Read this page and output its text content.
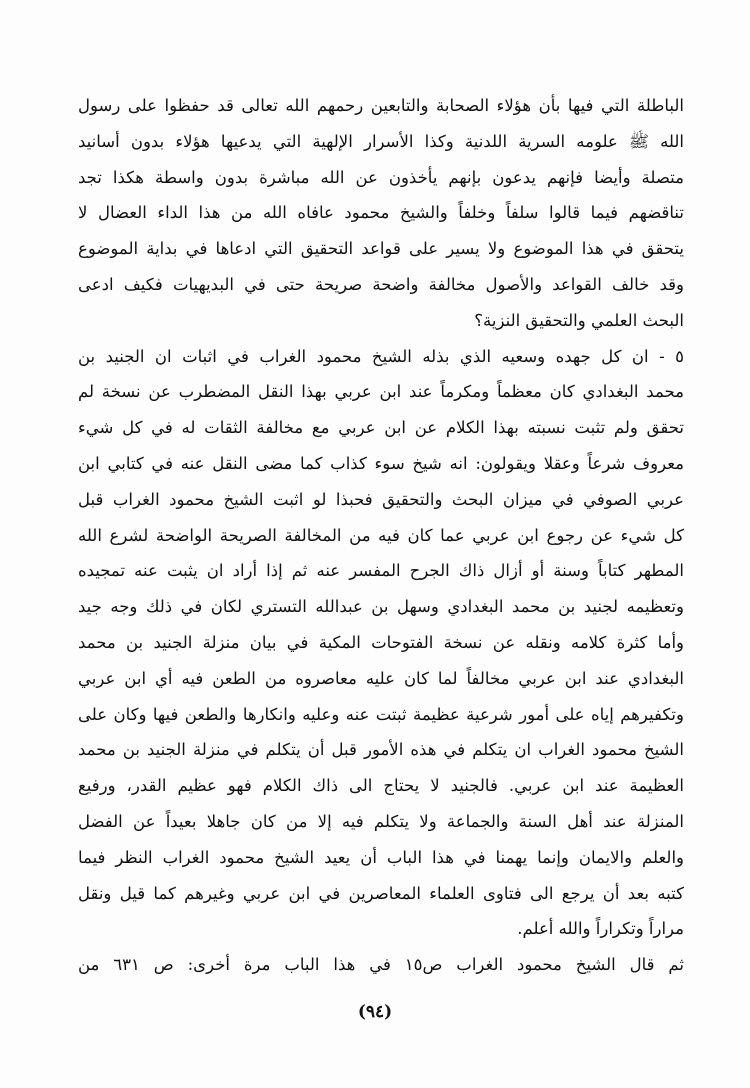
الباطلة التي فيها بأن هؤلاء الصحابة والتابعين رحمهم الله تعالى قد حفظوا على رسول
الله ﷺ علومه السرية اللدنية وكذا الأسرار الإلهية التي يدعيها هؤلاء بدون أسانيد
متصلة وأيضا فإنهم يدعون بإنهم يأخذون عن الله مباشرة بدون واسطة هكذا تجد
تناقضهم فيما قالوا سلفاً وخلفاً والشيخ محمود عافاه الله من هذا الداء العضال لا
يتحقق في هذا الموضوع ولا يسير على قواعد التحقيق التي ادعاها في بداية الموضوع
وقد خالف القواعد والأصول مخالفة واضحة صريحة حتى في البديهيات فكيف ادعى
البحث العلمي والتحقيق النزية؟
٥ - ان كل جهده وسعيه الذي بذله الشيخ محمود الغراب في اثبات ان الجنيد بن
محمد البغدادي كان معظماً ومكرماً عند ابن عربي بهذا النقل المضطرب عن نسخة لم
تحقق ولم تثبت نسبته بهذا الكلام عن ابن عربي مع مخالفة الثقات له في كل شيء
معروف شرعاً وعقلا ويقولون: انه شيخ سوء كذاب كما مضى النقل عنه في كتابي ابن
عربي الصوفي في ميزان البحث والتحقيق فحبذا لو اثبت الشيخ محمود الغراب قبل
كل شيء عن رجوع ابن عربي عما كان فيه من المخالفة الصريحة الواضحة لشرع الله
المطهر كتاباً وسنة أو أزال ذاك الجرح المفسر عنه ثم إذا أراد ان يثبت عنه تمجيده
وتعظيمه لجنيد بن محمد البغدادي وسهل بن عبدالله التستري لكان في ذلك وجه جيد
وأما كثرة كلامه ونقله عن نسخة الفتوحات المكية في بيان منزلة الجنيد بن محمد
البغدادي عند ابن عربي مخالفاً لما كان عليه معاصروه من الطعن فيه أي ابن عربي
وتكفيرهم إياه على أمور شرعية عظيمة ثبتت عنه وعليه وانكارها والطعن فيها وكان على
الشيخ محمود الغراب ان يتكلم في هذه الأمور قبل أن يتكلم في منزلة الجنيد بن محمد
العظيمة عند ابن عربي. فالجنيد لا يحتاج الى ذاك الكلام فهو عظيم القدر، ورفيع
المنزلة عند أهل السنة والجماعة ولا يتكلم فيه إلا من كان جاهلا بعيداً عن الفضل
والعلم والايمان وإنما يهمنا في هذا الباب أن يعيد الشيخ محمود الغراب النظر فيما
كتبه بعد أن يرجع الى فتاوى العلماء المعاصرين في ابن عربي وغيرهم كما قيل ونقل
مراراً وتكراراً والله أعلم.
ثم قال الشيخ محمود الغراب ص١٥ في هذا الباب مرة أخرى: ص ٦٣١ من
(٩٤)
